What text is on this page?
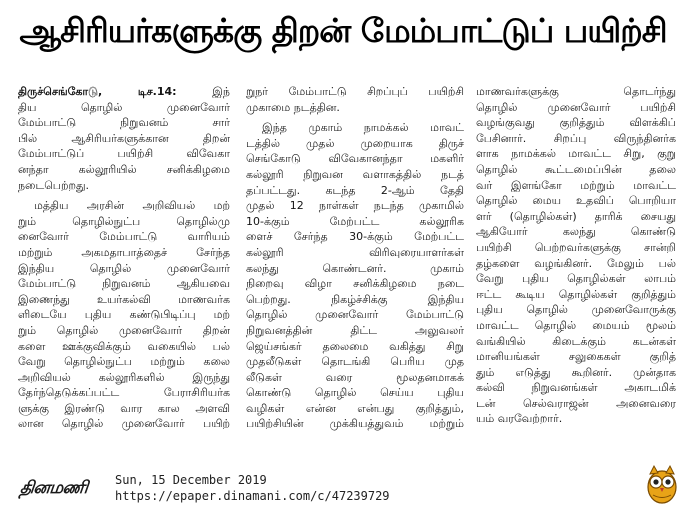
ஆசிரியர்களுக்கு திறன் மேம்பாட்டுப் பயிற்சி
திருச்செங்கோடு, டிச.14: இந்
திய தொழில் முனைவோர்
மேம்பாட்டு நிறுவனம் சார்
பில் ஆசிரியர்களுக்கான திறன்
மேம்பாட்டுப் பயிற்சி விவேகா
னந்தா கல்லூரியில் சனிக்கிழமை
நடைபெற்றது.
மத்திய அரசின் அறிவியல் மற்
றும் தொழில்நுட்ப தொழில்மு
னைவோர் மேம்பாட்டு வாரியம்
மற்றும் அகமதாபாத்தைச் சேர்ந்த
இந்திய தொழில் முனைவோர்
மேம்பாட்டு நிறுவனம் ஆகியவை
இணைந்து உயர்கல்வி மாணவர்க
ளிடையே புதிய கண்டுபிடிப்பு மற்
றும் தொழில் முனைவோர் திறன்
களை ஊக்குவிக்கும் வகையில் பல்
வேறு தொழில்நுட்ப மற்றும் கலை
அறிவியல் கல்லூரிகளில் இருந்து
தேர்ந்தெடுக்கப்பட்ட பேராசிரியர்க
ளுக்கு இரண்டு வார கால அளவி
லான தொழில் முனைவோர் பயிற்
றுநர் மேம்பாட்டு சிறப்புப் பயிற்சி
முகாமை நடத்தின.
இந்த முகாம் நாமக்கல் மாவட்
டத்தில் முதல் முறையாக திருச்
செங்கோடு விவேகானந்தா மகளிர்
கல்லூரி நிறுவன வளாகத்தில் நடத்
தப்பட்டது. கடந்த 2-ஆம் தேதி
முதல் 12 நாள்கள் நடந்த முகாமில்
10-க்கும் மேற்பட்ட கல்லூரிக
ளைச் சேர்ந்த 30-க்கும் மேற்பட்ட
கல்லூரி விரிவுரையாளர்கள்
கலந்து கொண்டனர். முகாம்
நிறைவு விழா சனிக்கிழமை நடை
பெற்றது. நிகழ்ச்சிக்கு இந்திய
தொழில் முனைவோர் மேம்பாட்டு
நிறுவனத்தின் திட்ட அலுவலர்
ஜெய்சங்கர் தலைமை வகித்து சிறு
முதலீடுகள் தொடங்கி பெரிய முத
லீடுகள் வரை மூலதனமாகக்
கொண்டு தொழில் செய்ய புதிய
வழிகள் என்ன என்பது குறித்தும்,
பயிற்சியின் முக்கியத்துவம் மற்றும்
மாணவர்களுக்கு தொடர்ந்து
தொழில் முனைவோர் பயிற்சி
வழங்குவது குறித்தும் விளக்கிப்
பேசினார். சிறப்பு விருந்தினர்க
ளாக நாமக்கல் மாவட்ட சிறு, குறு
தொழில் கூட்டமைப்பின் தலை
வர் இளங்கோ மற்றும் மாவட்ட
தொழில் மைய உதவிப் பொறியா
ளர் (தொழில்கள்) தாரிக் சையது
ஆகியோர் கலந்து கொண்டு
பயிற்சி பெற்றவர்களுக்கு சான்றி
தழ்களை வழங்கினர். மேலும் பல்
வேறு புதிய தொழில்கள் லாபம்
ஈட்ட கூடிய தொழில்கள் குறித்தும்
புதிய தொழில் முனைவோருக்கு
மாவட்ட தொழில் மையம் மூலம்
வங்கியில் கிடைக்கும் கடன்கள்
மானியங்கள் சலுகைகள் குறித்
தும் எடுத்து கூறினர். முன்தாக
கல்வி நிறுவனங்கள் அகாடமிக்
டன் செல்வராஜன் அனைவரை
யம் வரவேற்றார்.
தினமணி	Sun, 15 December 2019
https://epaper.dinamani.com/c/47239729
